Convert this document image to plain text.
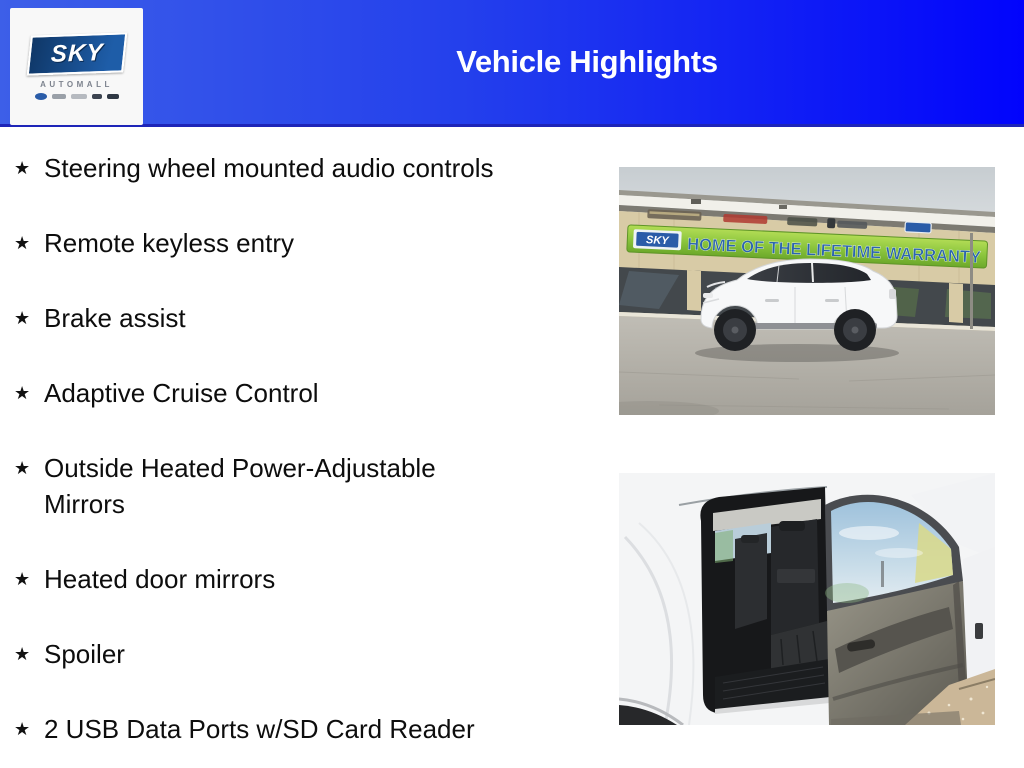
Vehicle Highlights
SKY
AUTOMALL
★ Steering wheel mounted audio controls
★ Remote keyless entry
★ Brake assist
★ Adaptive Cruise Control
★ Outside Heated Power-Adjustable Mirrors
★ Heated door mirrors
★ Spoiler
★ 2 USB Data Ports w/SD Card Reader
SKY HOME OF THE LIFETIME WARRANTY
